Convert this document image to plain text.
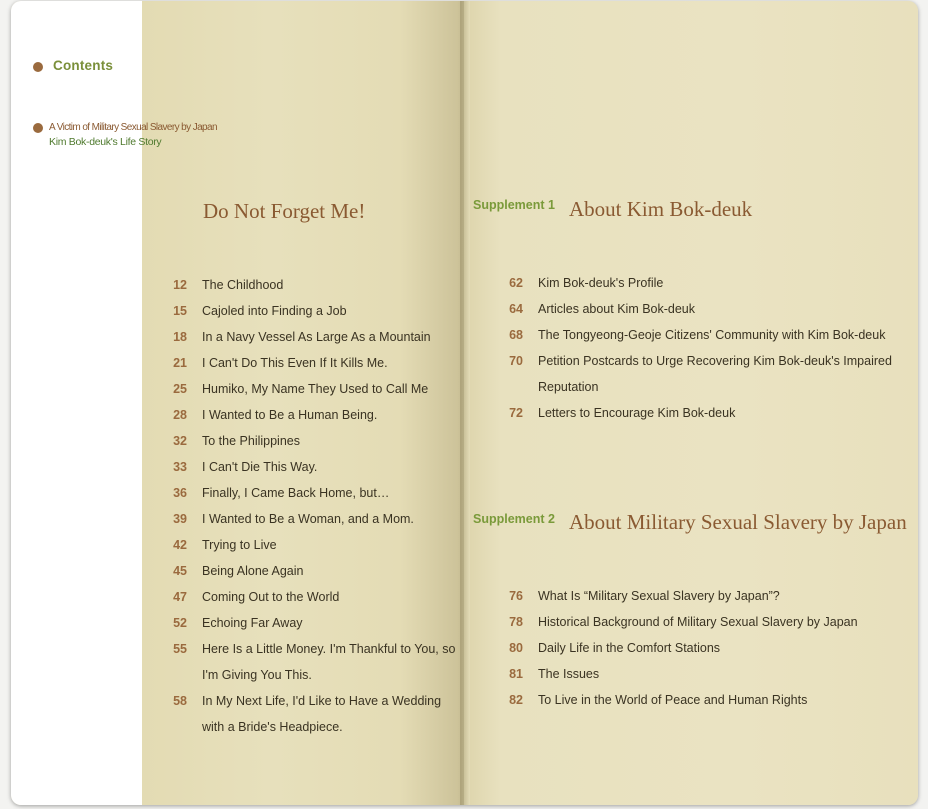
Contents
A Victim of Military Sexual Slavery by Japan
Kim Bok-deuk's Life Story
Do Not Forget Me!
12 The Childhood
15 Cajoled into Finding a Job
18 In a Navy Vessel As Large As a Mountain
21 I Can't Do This Even If It Kills Me.
25 Humiko, My Name They Used to Call Me
28 I Wanted to Be a Human Being.
32 To the Philippines
33 I Can't Die This Way.
36 Finally, I Came Back Home, but…
39 I Wanted to Be a Woman, and a Mom.
42 Trying to Live
45 Being Alone Again
47 Coming Out to the World
52 Echoing Far Away
55 Here Is a Little Money. I'm Thankful to You, so I'm Giving You This.
58 In My Next Life, I'd Like to Have a Wedding with a Bride's Headpiece.
Supplement 1 About Kim Bok-deuk
62 Kim Bok-deuk's Profile
64 Articles about Kim Bok-deuk
68 The Tongyeong-Geoje Citizens' Community with Kim Bok-deuk
70 Petition Postcards to Urge Recovering Kim Bok-deuk's Impaired Reputation
72 Letters to Encourage Kim Bok-deuk
Supplement 2 About Military Sexual Slavery by Japan
76 What Is “Military Sexual Slavery by Japan”?
78 Historical Background of Military Sexual Slavery by Japan
80 Daily Life in the Comfort Stations
81 The Issues
82 To Live in the World of Peace and Human Rights
